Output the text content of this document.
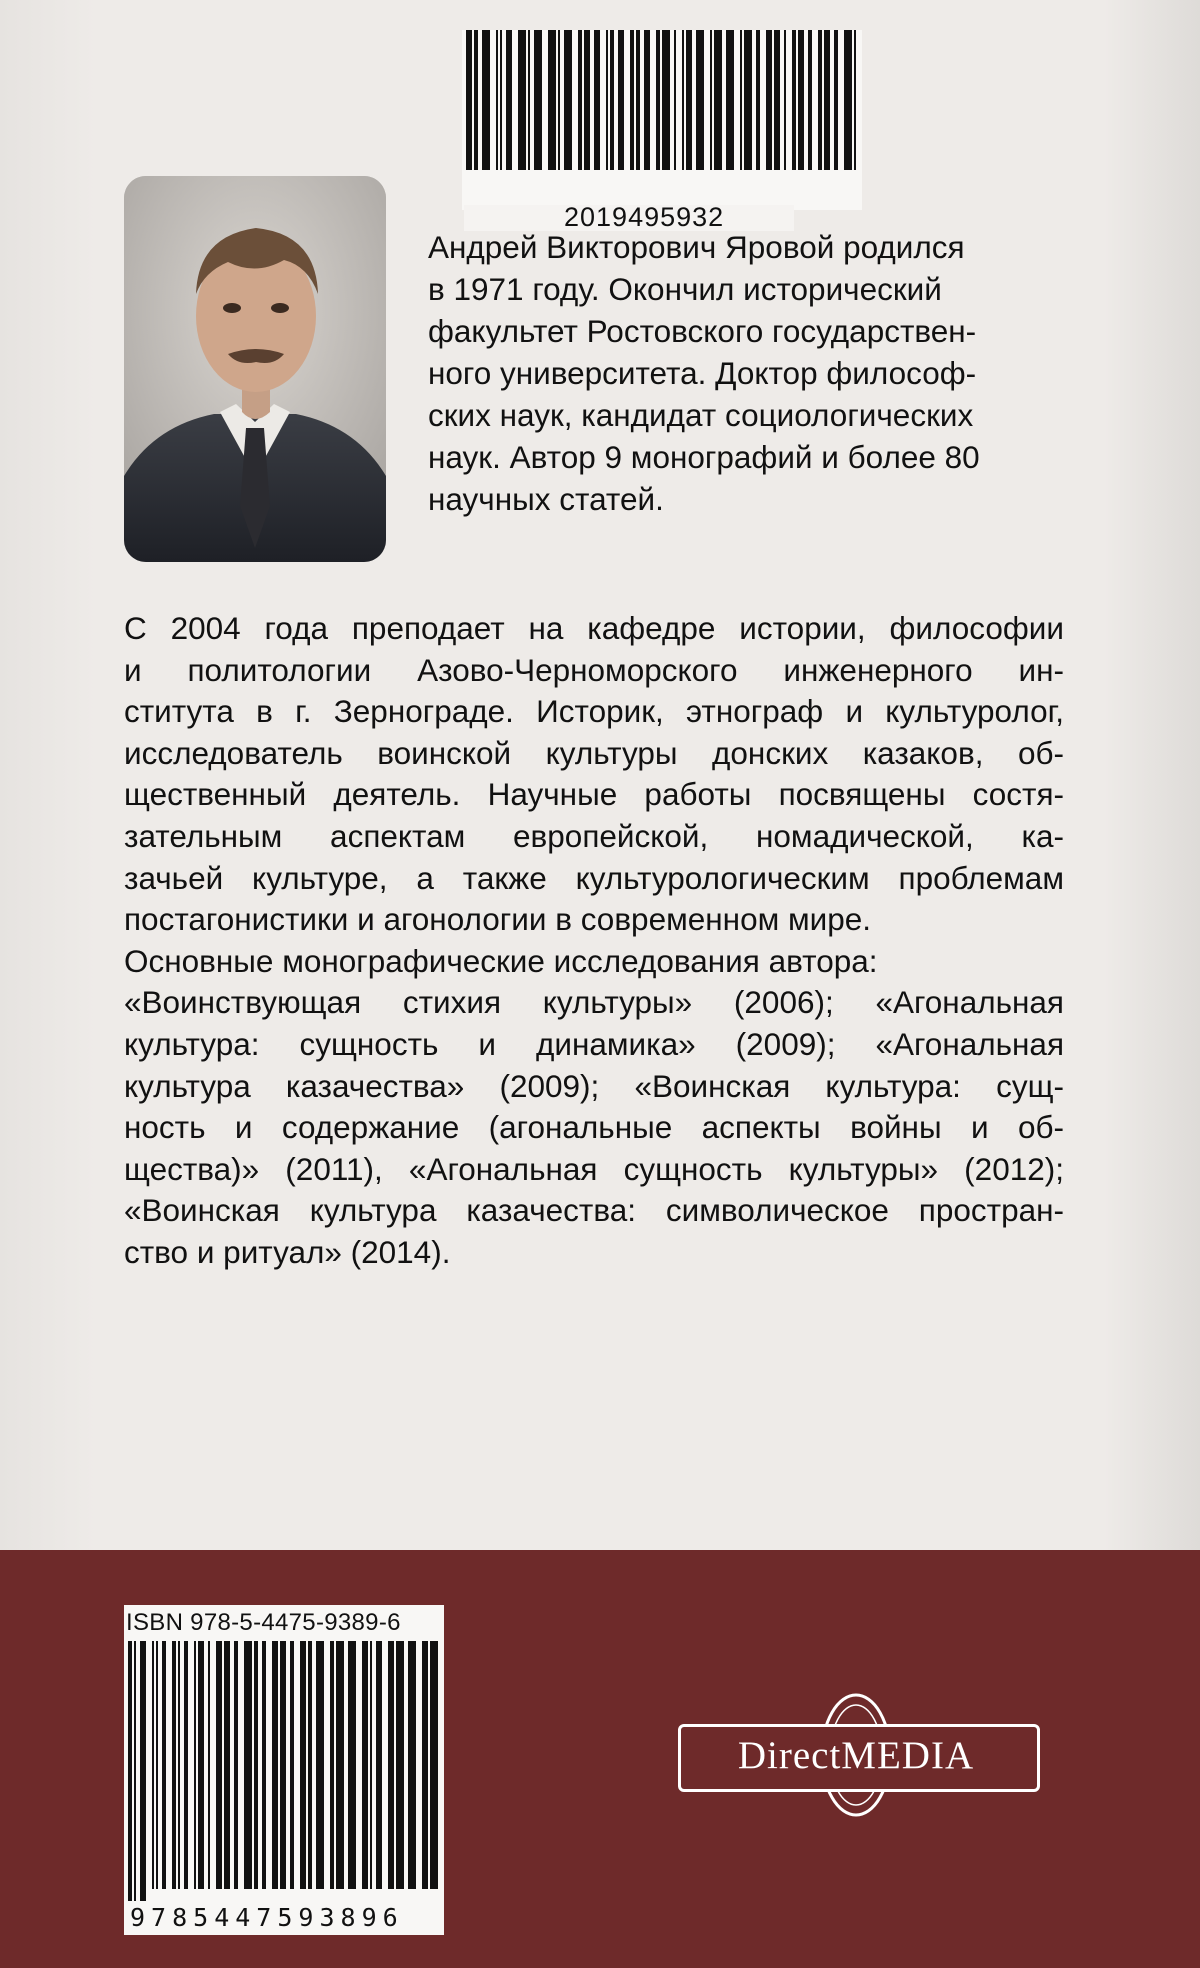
2019495932
Андрей Викторович Яровой родился
в 1971 году. Окончил исторический
факультет Ростовского государствен-
ного университета. Доктор философ-
ских наук, кандидат социологических
наук. Автор 9 монографий и более 80
научных статей.
С 2004 года преподает на кафедре истории, философии
и политологии Азово-Черноморского инженерного ин-
ститута в г. Зернограде. Историк, этнограф и культуролог,
исследователь воинской культуры донских казаков, об-
щественный деятель. Научные работы посвящены состя-
зательным аспектам европейской, номадической, ка-
зачьей культуре, а также культурологическим проблемам
постагонистики и агонологии в современном мире.
Основные монографические исследования автора:
«Воинствующая стихия культуры» (2006); «Агональная
культура: сущность и динамика» (2009); «Агональная
культура казачества» (2009); «Воинская культура: сущ-
ность и содержание (агональные аспекты войны и об-
щества)» (2011), «Агональная сущность культуры» (2012);
«Воинская культура казачества: символическое простран-
ство и ритуал» (2014).
ISBN 978-5-4475-9389-6
9785447593896
DirectMEDIA
